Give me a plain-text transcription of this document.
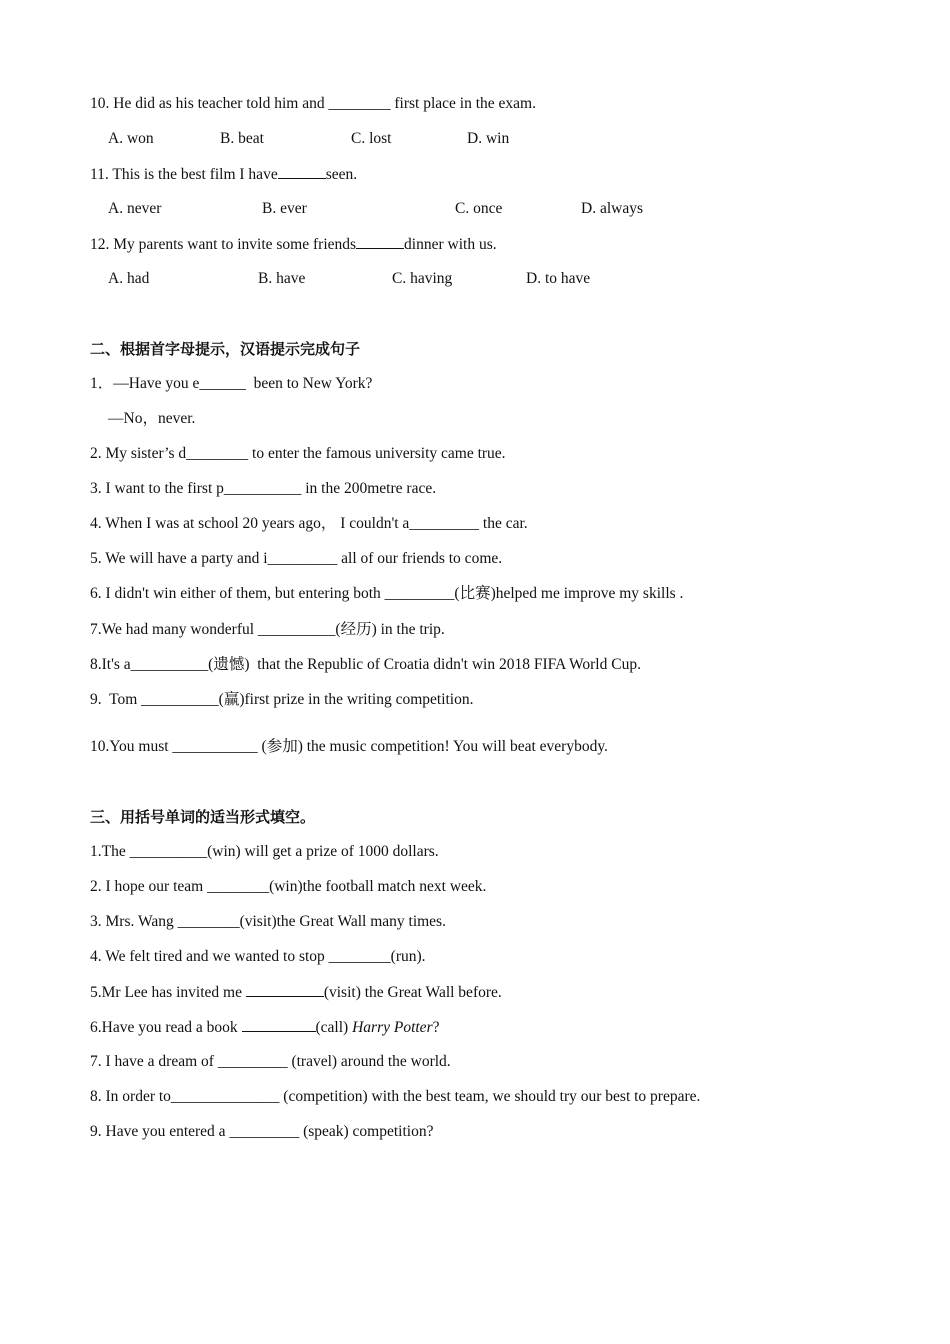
10. He did as his teacher told him and ________ first place in the exam.
A. won	B. beat	C. lost	D. win
11. This is the best film I have	seen.
A. never	B. ever	C. once	D. always
12. My parents want to invite some friends	dinner with us.
A. had	B. have	C. having	D. to have
二、根据首字母提示，汉语提示完成句子
1．—Have you e______  been to New York?
—No，never.
2. My sister’s d________ to enter the famous university came true.
3. I want to the first p__________ in the 200metre race.
4. When I was at school 20 years ago， I couldn't a_________ the car.
5. We will have a party and i_________ all of our friends to come.
6. I didn't win either of them, but entering both _________(比赛)helped me improve my skills .
7.We had many wonderful __________(经历) in the trip.
8.It's a__________(遗憾)  that the Republic of Croatia didn't win 2018 FIFA World Cup.
9.  Tom __________(赢)first prize in the writing competition.
10.You must ___________ (参加) the music competition! You will beat everybody.
三、用括号单词的适当形式填空。
1.The __________(win) will get a prize of 1000 dollars.
2. I hope our team ________(win)the football match next week.
3. Mrs. Wang ________(visit)the Great Wall many times.
4. We felt tired and we wanted to stop ________(run).
5.Mr Lee has invited me	(visit) the Great Wall before.
6.Have you read a book	(call) Harry Potter?
7. I have a dream of _________ (travel) around the world.
8. In order to______________ (competition) with the best team, we should try our best to prepare.
9. Have you entered a _________ (speak) competition?
